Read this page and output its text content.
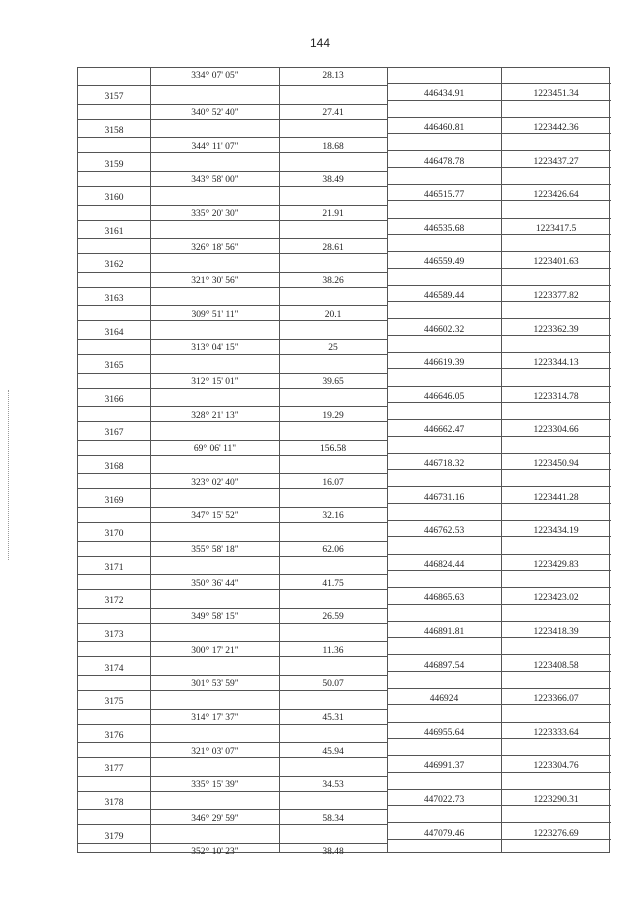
144
334° 07' 05"	28.13
3157	446434.91	1223451.34
340° 52' 40"	27.41
3158	446460.81	1223442.36
344° 11' 07"	18.68
3159	446478.78	1223437.27
343° 58' 00"	38.49
3160	446515.77	1223426.64
335° 20' 30"	21.91
3161	446535.68	1223417.5
326° 18' 56"	28.61
3162	446559.49	1223401.63
321° 30' 56"	38.26
3163	446589.44	1223377.82
309° 51' 11"	20.1
3164	446602.32	1223362.39
313° 04' 15"	25
3165	446619.39	1223344.13
312° 15' 01"	39.65
3166	446646.05	1223314.78
328° 21' 13"	19.29
3167	446662.47	1223304.66
69° 06' 11"	156.58
3168	446718.32	1223450.94
323° 02' 40"	16.07
3169	446731.16	1223441.28
347° 15' 52"	32.16
3170	446762.53	1223434.19
355° 58' 18"	62.06
3171	446824.44	1223429.83
350° 36' 44"	41.75
3172	446865.63	1223423.02
349° 58' 15"	26.59
3173	446891.81	1223418.39
300° 17' 21"	11.36
3174	446897.54	1223408.58
301° 53' 59"	50.07
3175	446924	1223366.07
314° 17' 37"	45.31
3176	446955.64	1223333.64
321° 03' 07"	45.94
3177	446991.37	1223304.76
335° 15' 39"	34.53
3178	447022.73	1223290.31
346° 29' 59"	58.34
3179	447079.46	1223276.69
352° 10' 23"	38.48
